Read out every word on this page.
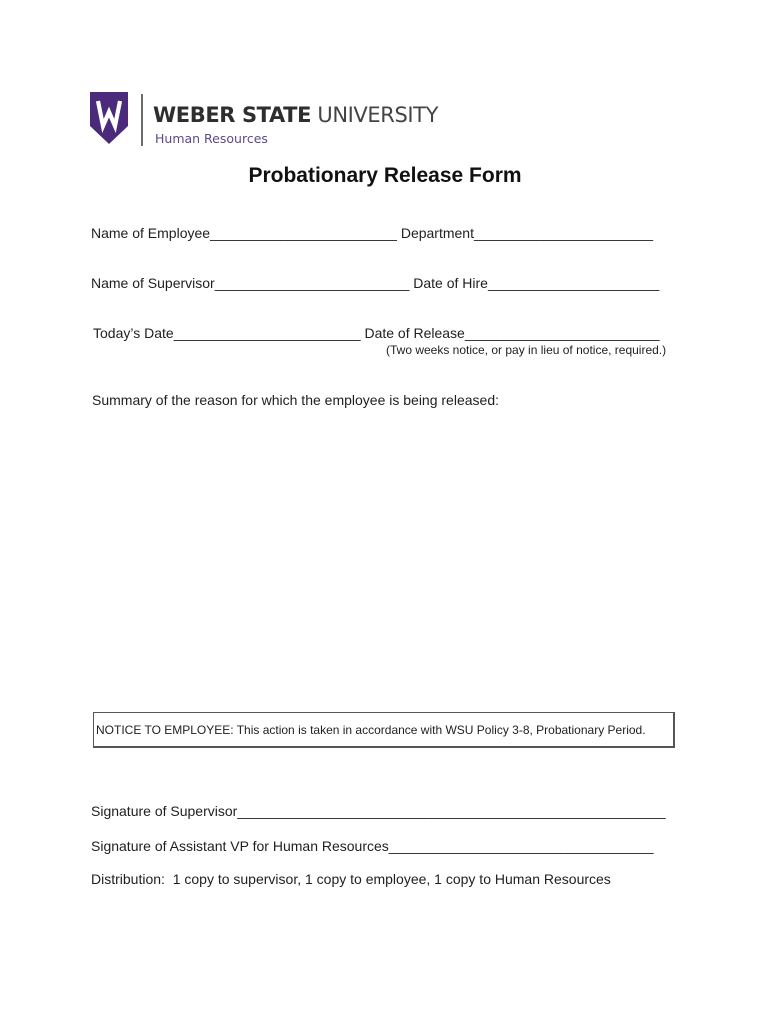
WEBER STATE UNIVERSITY
Human Resources
Probationary Release Form
Name of Employee________________________ Department_______________________
Name of Supervisor_________________________ Date of Hire______________________
Today’s Date________________________ Date of Release_________________________
(Two weeks notice, or pay in lieu of notice, required.)
Summary of the reason for which the employee is being released:
NOTICE TO EMPLOYEE: This action is taken in accordance with WSU Policy 3-8, Probationary Period.
Signature of Supervisor_______________________________________________________
Signature of Assistant VP for Human Resources__________________________________
Distribution:  1 copy to supervisor, 1 copy to employee, 1 copy to Human Resources
